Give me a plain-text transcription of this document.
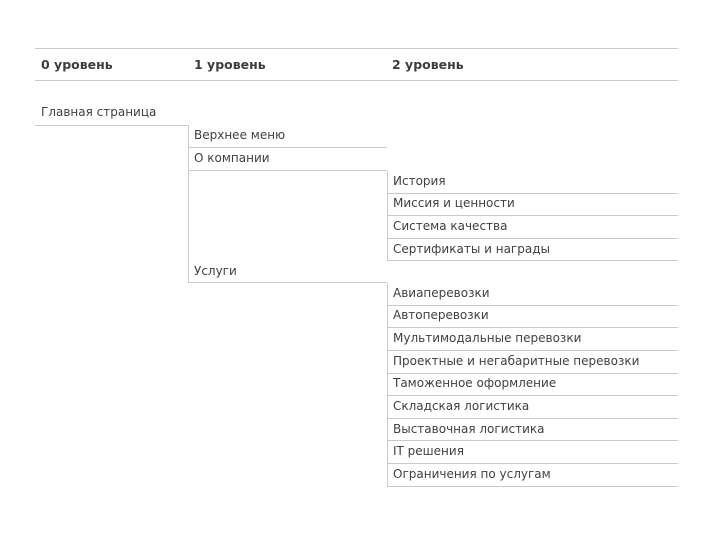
0 уровень	1 уровень	2 уровень
Главная страница
Верхнее меню
О компании
Услуги
История
Миссия и ценности
Система качества
Сертификаты и награды
Авиаперевозки
Автоперевозки
Мультимодальные перевозки
Проектные и негабаритные перевозки
Таможенное оформление
Складская логистика
Выставочная логистика
IT решения
Ограничения по услугам
